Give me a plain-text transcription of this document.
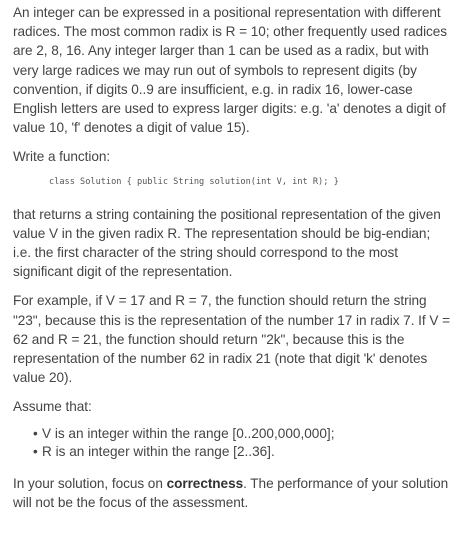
An integer can be expressed in a positional representation with different radices. The most common radix is R = 10; other frequently used radices are 2, 8, 16. Any integer larger than 1 can be used as a radix, but with very large radices we may run out of symbols to represent digits (by convention, if digits 0..9 are insufficient, e.g. in radix 16, lower-case English letters are used to express larger digits: e.g. 'a' denotes a digit of value 10, 'f' denotes a digit of value 15).

Write a function:

class Solution { public String solution(int V, int R); }

that returns a string containing the positional representation of the given value V in the given radix R. The representation should be big-endian; i.e. the first character of the string should correspond to the most significant digit of the representation.

For example, if V = 17 and R = 7, the function should return the string "23", because this is the representation of the number 17 in radix 7. If V = 62 and R = 21, the function should return "2k", because this is the representation of the number 62 in radix 21 (note that digit 'k' denotes value 20).

Assume that:

• V is an integer within the range [0..200,000,000];
• R is an integer within the range [2..36].

In your solution, focus on correctness. The performance of your solution will not be the focus of the assessment.
